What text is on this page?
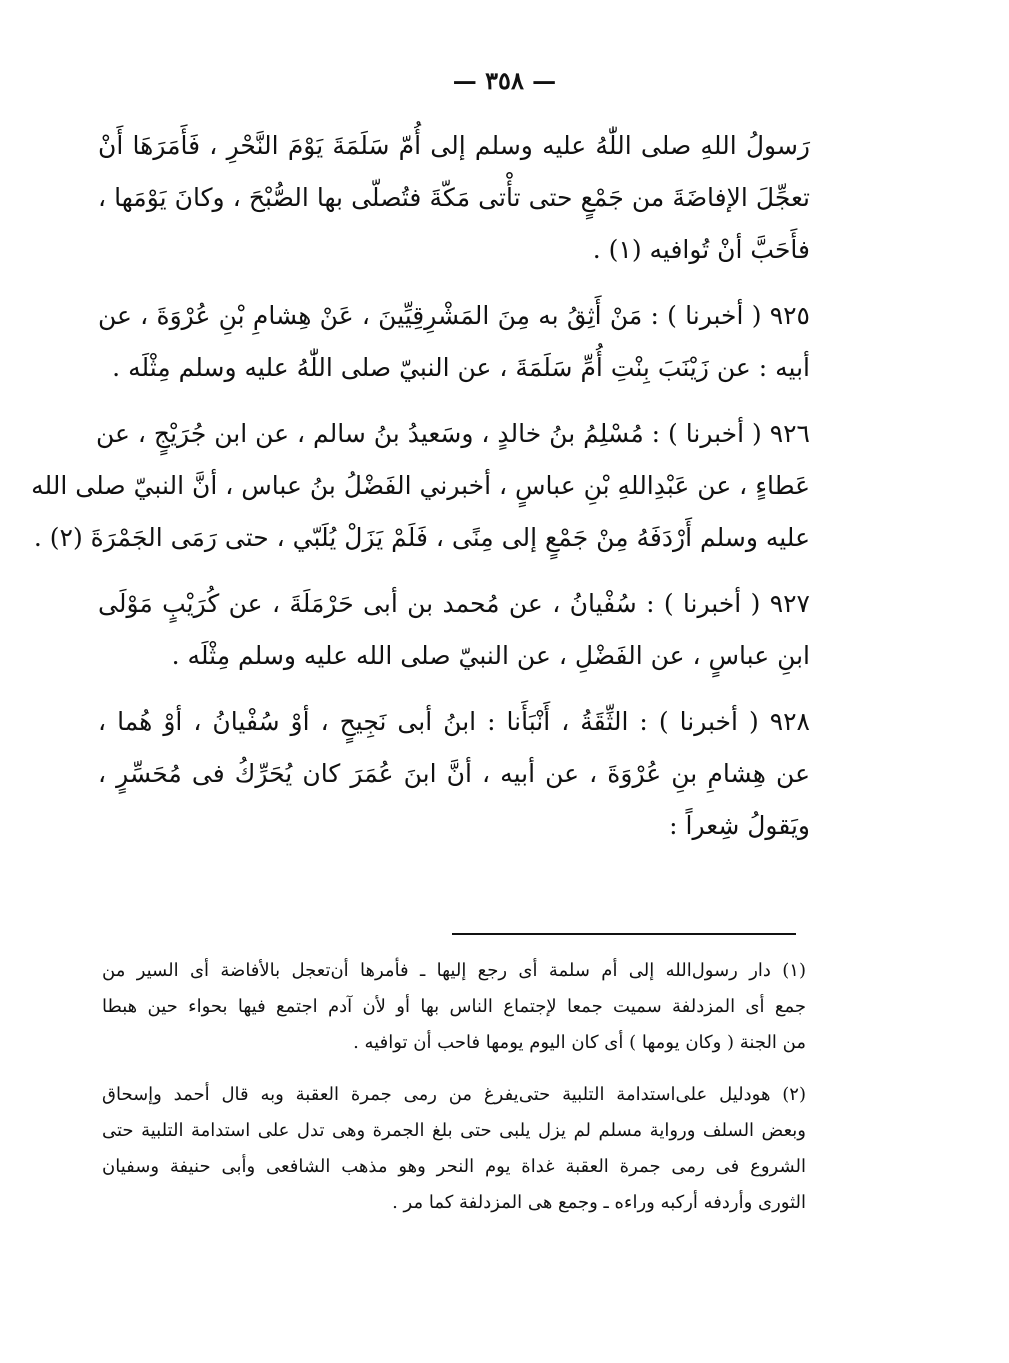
— ٣٥٨ —
رَسولُ اللهِ صلى اللّٰهُ عليه وسلم إلى أُمّ سَلَمَةَ يَوْمَ النَّحْرِ ، فَأَمَرَهَا أَنْ
تعجِّلَ الإفاضَةَ من جَمْعٍ حتى تأْتى مَكّةَ فتُصلّى بها الصُّبْحَ ، وكانَ يَوْمَها ،
فأَحَبَّ أنْ تُوافيه (١) .
٩٢٥ ( أخبرنا ) : مَنْ أَثِقُ به مِنَ المَشْرِقِيِّينَ ، عَنْ هِشامِ بْنِ عُرْوَةَ ، عن
أبيه : عن زَيْنَبَ بِنْتِ أُمِّ سَلَمَةَ ، عن النبيّ صلى اللّٰهُ عليه وسلم مِثْلَه .
٩٢٦ ( أخبرنا ) : مُسْلِمُ بنُ خالدٍ ، وسَعيدُ بنُ سالم ، عن ابن جُرَيْجٍ ، عن
عَطاءٍ ، عن عَبْدِاللهِ بْنِ عباسٍ ، أخبرني الفَضْلُ بنُ عباس ، أنَّ النبيّ صلى الله
عليه وسلم أَرْدَفَهُ مِنْ جَمْعٍ إلى مِنًى ، فَلَمْ يَزَلْ يُلَبّي ، حتى رَمَى الجَمْرَةَ (٢) .
٩٢٧ ( أخبرنا ) : سُفْيانُ ، عن مُحمد بن أبى حَرْمَلَةَ ، عن كُرَيْبٍ مَوْلَى
ابنِ عباسٍ ، عن الفَضْلِ ، عن النبيّ صلى الله عليه وسلم مِثْلَه .
٩٢٨ ( أخبرنا ) : الثِّقَةُ ، أَنْبَأَنا : ابنُ أبى نَجِيحٍ ، أوْ سُفْيانُ ، أوْ هُما ،
عن هِشامِ بنِ عُرْوَةَ ، عن أبيه ، أنَّ ابنَ عُمَرَ كان يُحَرِّكُ فى مُحَسِّرٍ ،
ويَقولُ شِعراً :
(١) دار رسول‌الله إلى أم سلمة أى رجع إليها ـ فأمرها أن‌تعجل بالأفاضة أى السير من
جمع أى المزدلفة سميت جمعا لإجتماع الناس بها أو لأن آدم اجتمع فيها بحواء حين هبطا
من الجنة ( وكان يومها ) أى كان اليوم يومها فاحب أن توافيه .
(٢) هودليل على‌استدامة التلبية حتى‌يفرغ من رمى جمرة العقبة وبه قال أحمد وإسحاق
وبعض السلف ورواية مسلم لم يزل يلبى حتى بلغ الجمرة وهى تدل على استدامة التلبية حتى
الشروع فى رمى جمرة العقبة غداة يوم النحر وهو مذهب الشافعى وأبى حنيفة وسفيان
الثورى وأردفه أركبه وراءه ـ وجمع هى المزدلفة كما مر .
